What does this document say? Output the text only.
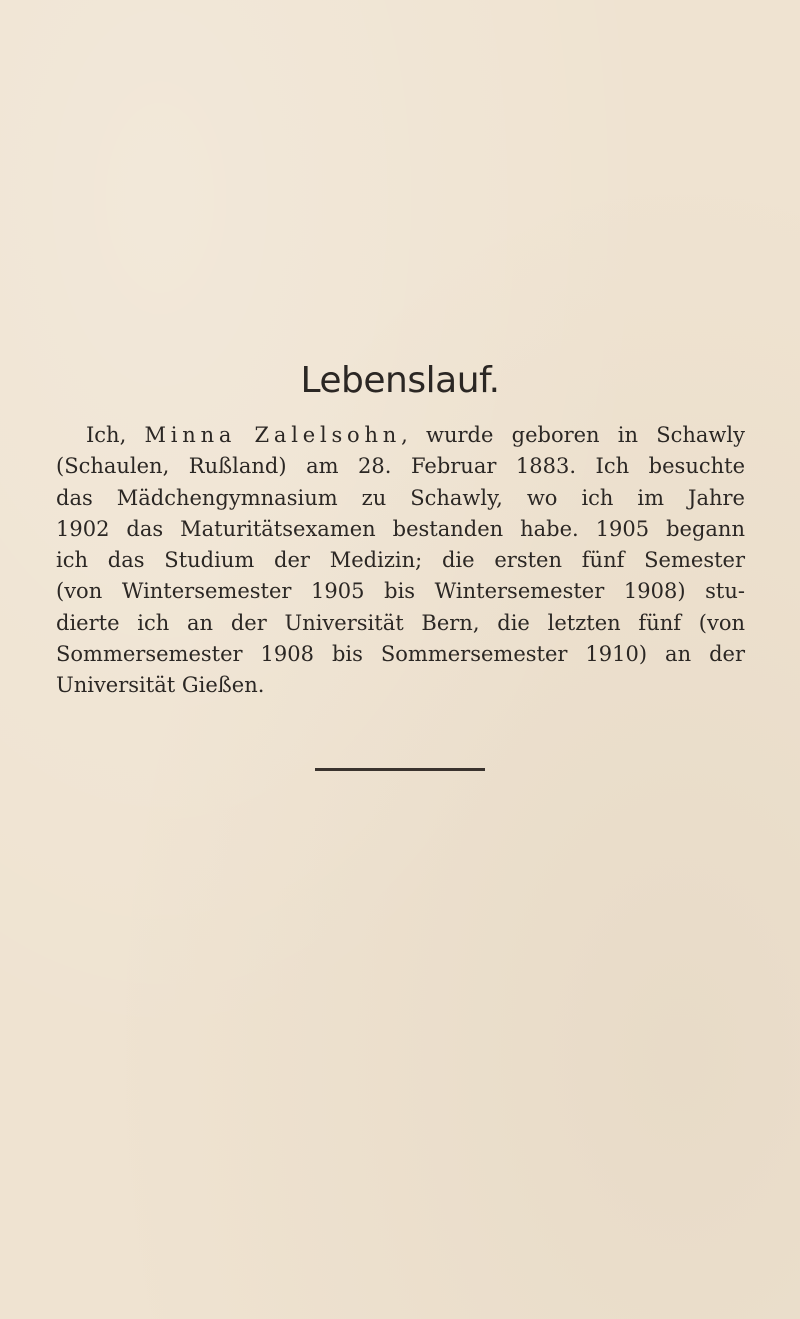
Lebenslauf.
Ich, Minna Zalelsohn, wurde geboren in Schawly
(Schaulen, Rußland) am 28. Februar 1883. Ich besuchte
das Mädchengymnasium zu Schawly, wo ich im Jahre
1902 das Maturitätsexamen bestanden habe. 1905 begann
ich das Studium der Medizin; die ersten fünf Semester
(von Wintersemester 1905 bis Wintersemester 1908) stu-
dierte ich an der Universität Bern, die letzten fünf (von
Sommersemester 1908 bis Sommersemester 1910) an der
Universität Gießen.
